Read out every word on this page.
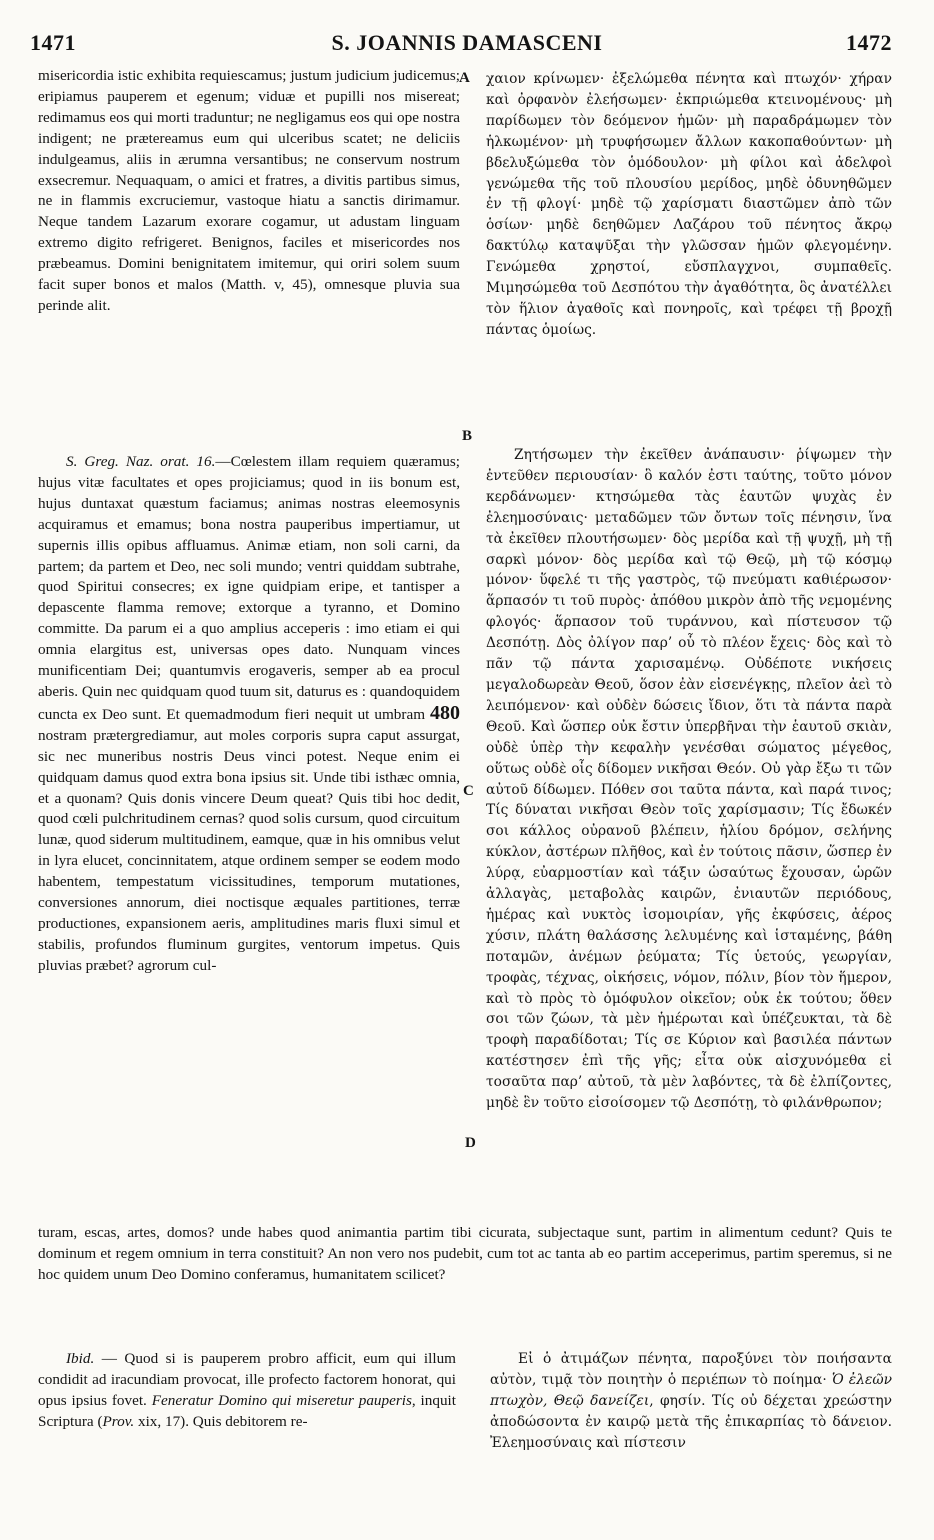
1471	S. JOANNIS DAMASCENI	1472
A
B
C
D

misericordia istic exhibita requiescamus; justum judicium judicemus; eripiamus pauperem et egenum; viduæ et pupilli nos misereat; redimamus eos qui morti traduntur; ne negligamus eos qui ope nostra indigent; ne prætereamus eum qui ulceribus scatet; ne deliciis indulgeamus, aliis in ærumna versantibus; ne conservum nostrum exsecremur. Nequaquam, o amici et fratres, a divitis partibus simus, ne in flammis excruciemur, vastoque hiatu a sanctis dirimamur. Neque tandem Lazarum exorare cogamur, ut adustam linguam extremo digito refrigeret. Benignos, faciles et misericordes nos præbeamus. Domini benignitatem imitemur, qui oriri solem suum facit super bonos et malos (Matth. v, 45), omnesque pluvia sua perinde alit.

χαιον κρίνωμεν· ἐξελώμεθα πένητα καὶ πτωχόν· χήραν καὶ ὀρφανὸν ἐλεήσωμεν· ἐκπριώμεθα κτεινομένους· μὴ παρίδωμεν τὸν δεόμενον ἡμῶν· μὴ παραδράμωμεν τὸν ἡλκωμένον· μὴ τρυφήσωμεν ἄλλων κακοπαθούντων· μὴ βδελυξώμεθα τὸν ὁμόδουλον· μὴ φίλοι καὶ ἀδελφοὶ γενώμεθα τῆς τοῦ πλουσίου μερίδος, μηδὲ ὀδυνηθῶμεν ἐν τῇ φλογί· μηδὲ τῷ χαρίσματι διαστῶμεν ἀπὸ τῶν ὁσίων· μηδὲ δεηθῶμεν Λαζάρου τοῦ πένητος ἄκρῳ δακτύλῳ καταψῦξαι τὴν γλῶσσαν ἡμῶν φλεγομένην. Γενώμεθα χρηστοί, εὔσπλαγχνοι, συμπαθεῖς. Μιμησώμεθα τοῦ Δεσπότου τὴν ἀγαθότητα, ὃς ἀνατέλλει τὸν ἥλιον ἀγαθοῖς καὶ πονηροῖς, καὶ τρέφει τῇ βροχῇ πάντας ὁμοίως.

S. Greg. Naz. orat. 16.—Cœlestem illam requiem quæramus; hujus vitæ facultates et opes projiciamus; quod in iis bonum est, hujus duntaxat quæstum faciamus; animas nostras eleemosynis acquiramus et emamus; bona nostra pauperibus impertiamur, ut supernis illis opibus affluamus. Animæ etiam, non soli carni, da partem; da partem et Deo, nec soli mundo; ventri quiddam subtrahe, quod Spiritui consecres; ex igne quidpiam eripe, et tantisper a depascente flamma remove; extorque a tyranno, et Domino committe. Da parum ei a quo amplius acceperis : imo etiam ei qui omnia elargitus est, universas opes dato. Nunquam vinces munificentiam Dei; quantumvis erogaveris, semper ab ea procul aberis. Quin nec quidquam quod tuum sit, daturus es : quandoquidem cuncta ex Deo sunt. Et quemadmodum fieri nequit ut umbram 480 nostram prætergrediamur, aut moles corporis supra caput assurgat, sic nec muneribus nostris Deus vinci potest. Neque enim ei quidquam damus quod extra bona ipsius sit. Unde tibi isthæc omnia, et a quonam? Quis donis vincere Deum queat? Quis tibi hoc dedit, quod cœli pulchritudinem cernas? quod solis cursum, quod circuitum lunæ, quod siderum multitudinem, eamque, quæ in his omnibus velut in lyra elucet, concinnitatem, atque ordinem semper se eodem modo habentem, tempestatum vicissitudines, temporum mutationes, conversiones annorum, diei noctisque æquales partitiones, terræ productiones, expansionem aeris, amplitudines maris fluxi simul et stabilis, profundos fluminum gurgites, ventorum impetus. Quis pluvias præbet? agrorum cul-

Ζητήσωμεν τὴν ἐκεῖθεν ἀνάπαυσιν· ῥίψωμεν τὴν ἐντεῦθεν περιουσίαν· ὃ καλόν ἐστι ταύτης, τοῦτο μόνον κερδάνωμεν· κτησώμεθα τὰς ἑαυτῶν ψυχὰς ἐν ἐλεημοσύναις· μεταδῶμεν τῶν ὄντων τοῖς πένησιν, ἵνα τὰ ἐκεῖθεν πλουτήσωμεν· δὸς μερίδα καὶ τῇ ψυχῇ, μὴ τῇ σαρκὶ μόνον· δὸς μερίδα καὶ τῷ Θεῷ, μὴ τῷ κόσμῳ μόνον· ὕφελέ τι τῆς γαστρὸς, τῷ πνεύματι καθιέρωσον· ἅρπασόν τι τοῦ πυρὸς· ἀπόθου μικρὸν ἀπὸ τῆς νεμομένης φλογός· ἅρπασον τοῦ τυράννου, καὶ πίστευσον τῷ Δεσπότῃ. Δὸς ὀλίγον παρ’ οὗ τὸ πλέον ἔχεις· δὸς καὶ τὸ πᾶν τῷ πάντα χαρισαμένῳ. Οὐδέποτε νικήσεις μεγαλοδωρεὰν Θεοῦ, ὅσον ἐὰν εἰσενέγκῃς, πλεῖον ἀεὶ τὸ λειπόμενον· καὶ οὐδὲν δώσεις ἴδιον, ὅτι τὰ πάντα παρὰ Θεοῦ. Καὶ ὥσπερ οὐκ ἔστιν ὑπερβῆναι τὴν ἑαυτοῦ σκιὰν, οὐδὲ ὑπὲρ τὴν κεφαλὴν γενέσθαι σώματος μέγεθος, οὕτως οὐδὲ οἷς δίδομεν νικῆσαι Θεόν. Οὐ γὰρ ἔξω τι τῶν αὐτοῦ δίδωμεν. Πόθεν σοι ταῦτα πάντα, καὶ παρά τινος; Τίς δύναται νικῆσαι Θεὸν τοῖς χαρίσμασιν; Τίς ἔδωκέν σοι κάλλος οὐρανοῦ βλέπειν, ἡλίου δρόμον, σελήνης κύκλον, ἀστέρων πλῆθος, καὶ ἐν τούτοις πᾶσιν, ὥσπερ ἐν λύρᾳ, εὐαρμοστίαν καὶ τάξιν ὡσαύτως ἔχουσαν, ὡρῶν ἀλλαγὰς, μεταβολὰς καιρῶν, ἐνιαυτῶν περιόδους, ἡμέρας καὶ νυκτὸς ἰσομοιρίαν, γῆς ἐκφύσεις, ἀέρος χύσιν, πλάτη θαλάσσης λελυμένης καὶ ἱσταμένης, βάθη ποταμῶν, ἀνέμων ῥεύματα; Τίς ὑετούς, γεωργίαν, τροφὰς, τέχνας, οἰκήσεις, νόμον, πόλιν, βίον τὸν ἥμερον, καὶ τὸ πρὸς τὸ ὁμόφυλον οἰκεῖον; οὐκ ἐκ τούτου; ὅθεν σοι τῶν ζώων, τὰ μὲν ἡμέρωται καὶ ὑπέζευκται, τὰ δὲ τροφὴ παραδίδοται; Τίς σε Κύριον καὶ βασιλέα πάντων κατέστησεν ἐπὶ τῆς γῆς; εἶτα οὐκ αἰσχυνόμεθα εἰ τοσαῦτα παρ’ αὐτοῦ, τὰ μὲν λαβόντες, τὰ δὲ ἐλπίζοντες, μηδὲ ἓν τοῦτο εἰσοίσομεν τῷ Δεσπότῃ, τὸ φιλάνθρωπον;

turam, escas, artes, domos? unde habes quod animantia partim tibi cicurata, subjectaque sunt, partim in alimentum cedunt? Quis te dominum et regem omnium in terra constituit? An non vero nos pudebit, cum tot ac tanta ab eo partim acceperimus, partim speremus, si ne hoc quidem unum Deo Domino conferamus, humanitatem scilicet?

Ibid. — Quod si is pauperem probro afficit, eum qui illum condidit ad iracundiam provocat, ille profecto factorem honorat, qui opus ipsius fovet. Feneratur Domino qui miseretur pauperis, inquit Scriptura (Prov. xix, 17). Quis debitorem re-

Εἰ ὁ ἀτιμάζων πένητα, παροξύνει τὸν ποιήσαντα αὐτὸν, τιμᾷ τὸν ποιητὴν ὁ περιέπων τὸ ποίημα· Ὁ ἐλεῶν πτωχὸν, Θεῷ δανείζει, φησίν. Τίς οὐ δέχεται χρεώστην ἀποδώσοντα ἐν καιρῷ μετὰ τῆς ἐπικαρπίας τὸ δάνειον. Ἐλεημοσύναις καὶ πίστεσιν
